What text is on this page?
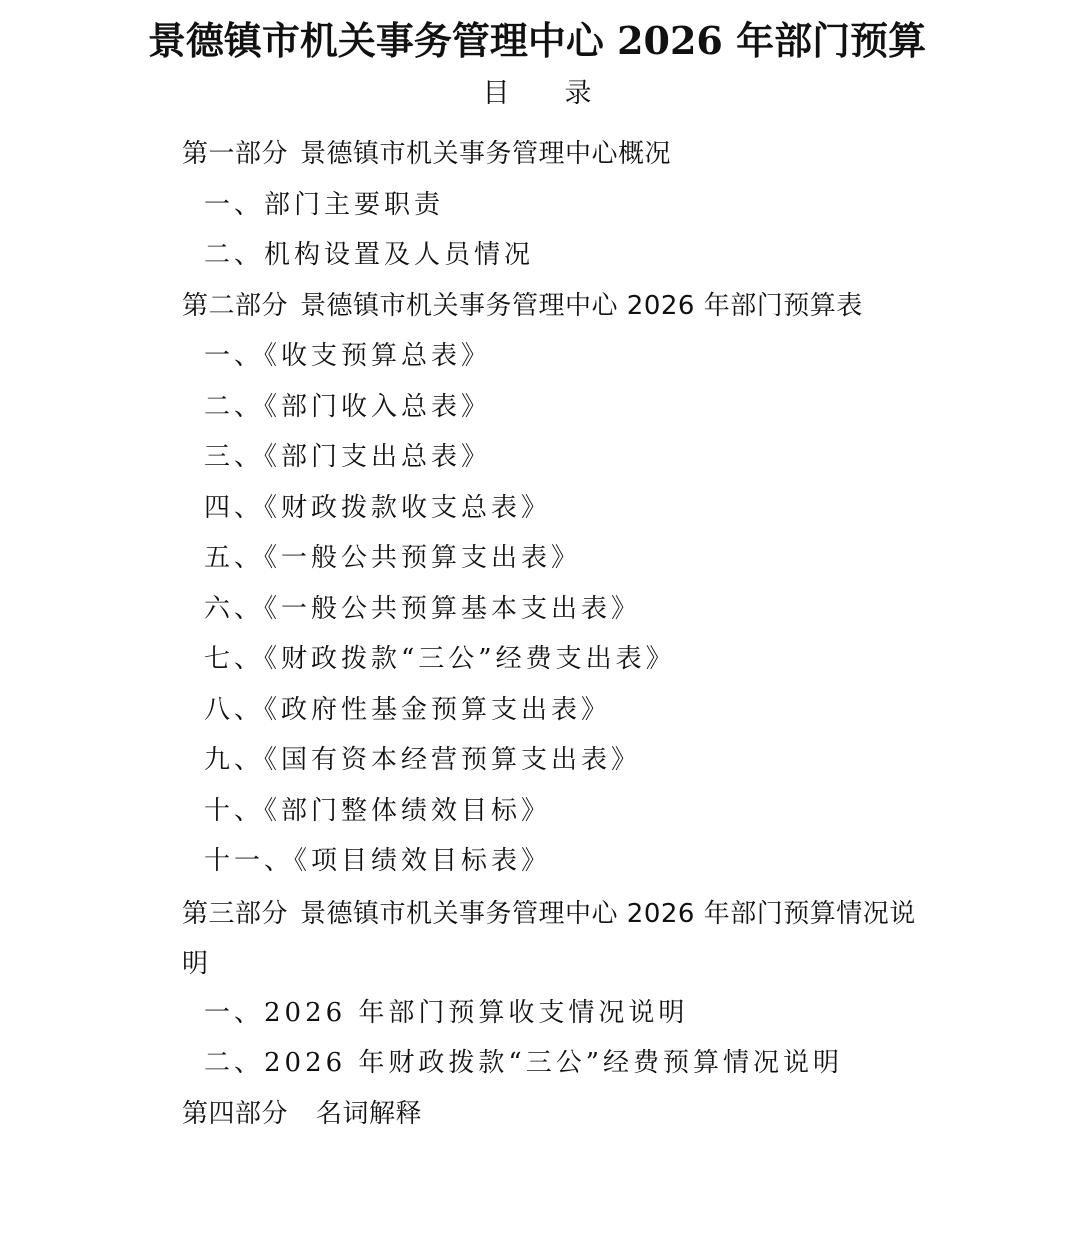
景德镇市机关事务管理中心 2026 年部门预算
目 录
第一部分 景德镇市机关事务管理中心概况
一、部门主要职责
二、机构设置及人员情况
第二部分 景德镇市机关事务管理中心 2026 年部门预算表
一、《收支预算总表》
二、《部门收入总表》
三、《部门支出总表》
四、《财政拨款收支总表》
五、《一般公共预算支出表》
六、《一般公共预算基本支出表》
七、《财政拨款“三公”经费支出表》
八、《政府性基金预算支出表》
九、《国有资本经营预算支出表》
十、《部门整体绩效目标》
十一、《项目绩效目标表》
第三部分 景德镇市机关事务管理中心 2026 年部门预算情况说明
一、2026 年部门预算收支情况说明
二、2026 年财政拨款“三公”经费预算情况说明
第四部分 名词解释
